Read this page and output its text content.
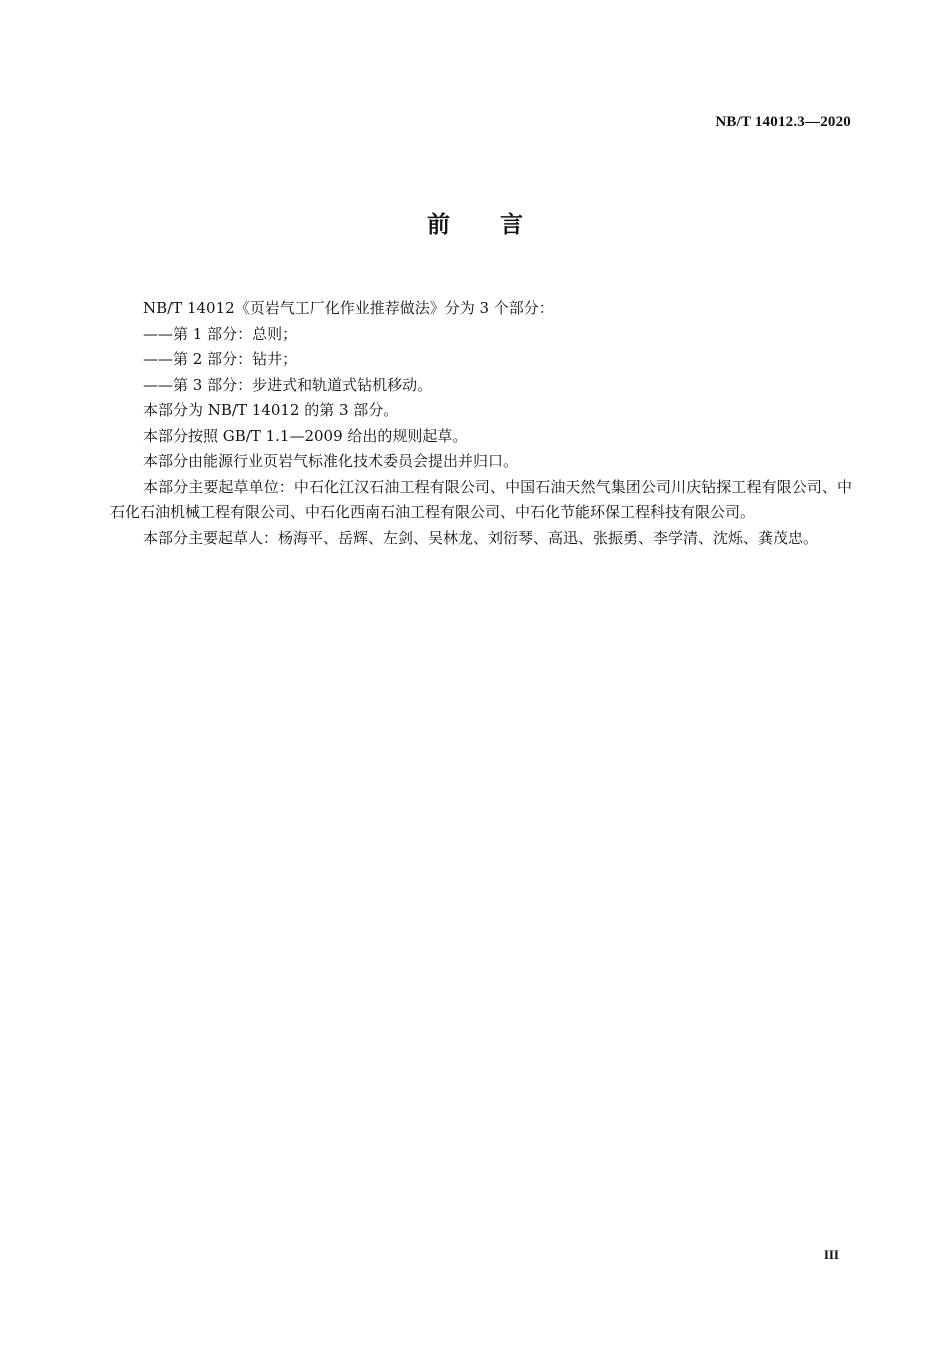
NB/T 14012.3—2020
前言

NB/T 14012《页岩气工厂化作业推荐做法》分为 3 个部分：

——第 1 部分：总则；

——第 2 部分：钻井；

——第 3 部分：步进式和轨道式钻机移动。

本部分为 NB/T 14012 的第 3 部分。

本部分按照 GB/T 1.1—2009 给出的规则起草。

本部分由能源行业页岩气标准化技术委员会提出并归口。

本部分主要起草单位：中石化江汉石油工程有限公司、中国石油天然气集团公司川庆钻探工程有限公司、中石化石油机械工程有限公司、中石化西南石油工程有限公司、中石化节能环保工程科技有限公司。

本部分主要起草人：杨海平、岳辉、左剑、吴林龙、刘衍琴、高迅、张振勇、李学清、沈烁、龚茂忠。

III
